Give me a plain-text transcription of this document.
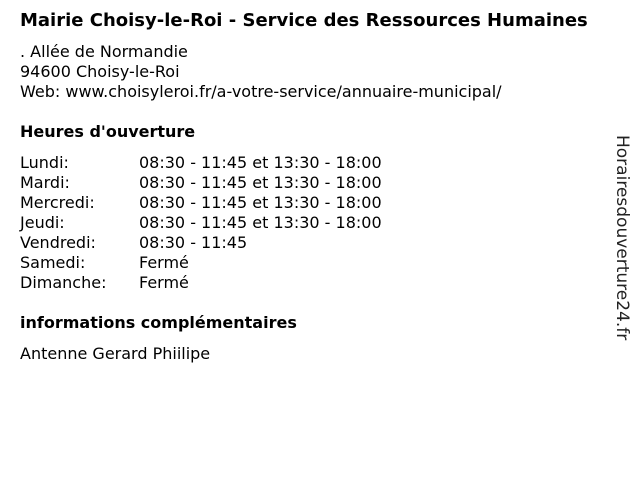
Mairie Choisy-le-Roi - Service des Ressources Humaines
. Allée de Normandie
94600 Choisy-le-Roi
Web: www.choisyleroi.fr/a-votre-service/annuaire-municipal/
Heures d'ouverture
Lundi:	08:30 - 11:45 et 13:30 - 18:00
Mardi:	08:30 - 11:45 et 13:30 - 18:00
Mercredi:	08:30 - 11:45 et 13:30 - 18:00
Jeudi:	08:30 - 11:45 et 13:30 - 18:00
Vendredi:	08:30 - 11:45
Samedi:	Fermé
Dimanche:	Fermé
informations complémentaires
Antenne Gerard Phiilipe
Horairesdouverture24.fr
